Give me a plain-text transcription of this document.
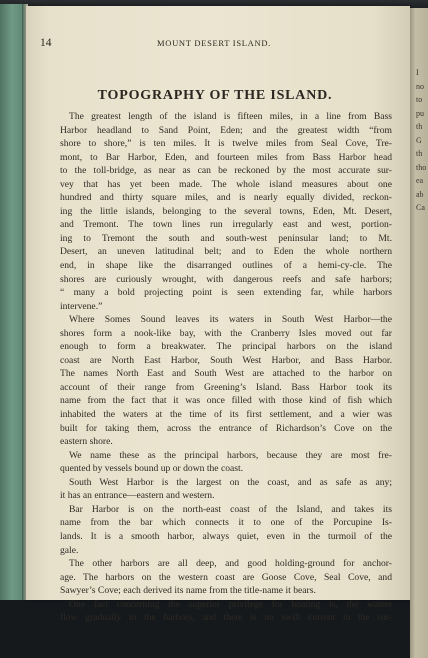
I
no
to
pu
th
G
th
tho
ea
ab
Ca
14	MOUNT DESERT ISLAND.
TOPOGRAPHY OF THE ISLAND.
The greatest length of the island is fifteen miles, in a line from Bass
Harbor headland to Sand Point, Eden; and the greatest width “from
shore to shore,” is ten miles. It is twelve miles from Seal Cove, Tre-
mont, to Bar Harbor, Eden, and fourteen miles from Bass Harbor head
to the toll-bridge, as near as can be reckoned by the most accurate sur-
vey that has yet been made. The whole island measures about one
hundred and thirty square miles, and is nearly equally divided, reckon-
ing the little islands, belonging to the several towns, Eden, Mt. Desert,
and Tremont. The town lines run irregularly east and west, portion-
ing to Tremont the south and south-west peninsular land; to Mt.
Desert, an uneven latitudinal belt; and to Eden the whole northern
end, in shape like the disarranged outlines of a hemi-cy-cle. The
shores are curiously wrought, with dangerous reefs and safe harbors;
“ many a bold projecting point is seen extending far, while harbors
intervene.”
Where Somes Sound leaves its waters in South West Harbor—the
shores form a nook-like bay, with the Cranberry Isles moved out far
enough to form a breakwater. The principal harbors on the island
coast are North East Harbor, South West Harbor, and Bass Harbor.
The names North East and South West are attached to the harbor on
account of their range from Greening’s Island. Bass Harbor took its
name from the fact that it was once filled with those kind of fish which
inhabited the waters at the time of its first settlement, and a wier was
built for taking them, across the entrance of Richardson’s Cove on the
eastern shore.
We name these as the principal harbors, because they are most fre-
quented by vessels bound up or down the coast.
South West Harbor is the largest on the coast, and as safe as any;
it has an entrance—eastern and western.
Bar Harbor is on the north-east coast of the Island, and takes its
name from the bar which connects it to one of the Porcupine Is-
lands. It is a smooth harbor, always quiet, even in the turmoil of the
gale.
The other harbors are all deep, and good holding-ground for anchor-
age. The harbors on the western coast are Goose Cove, Seal Cove, and
Sawyer’s Cove; each derived its name from the title-name it bears.
One fact concerning the superior privilege for boating is, the waters
flow gradually in the harbors, and there is no swift current in the sur-
